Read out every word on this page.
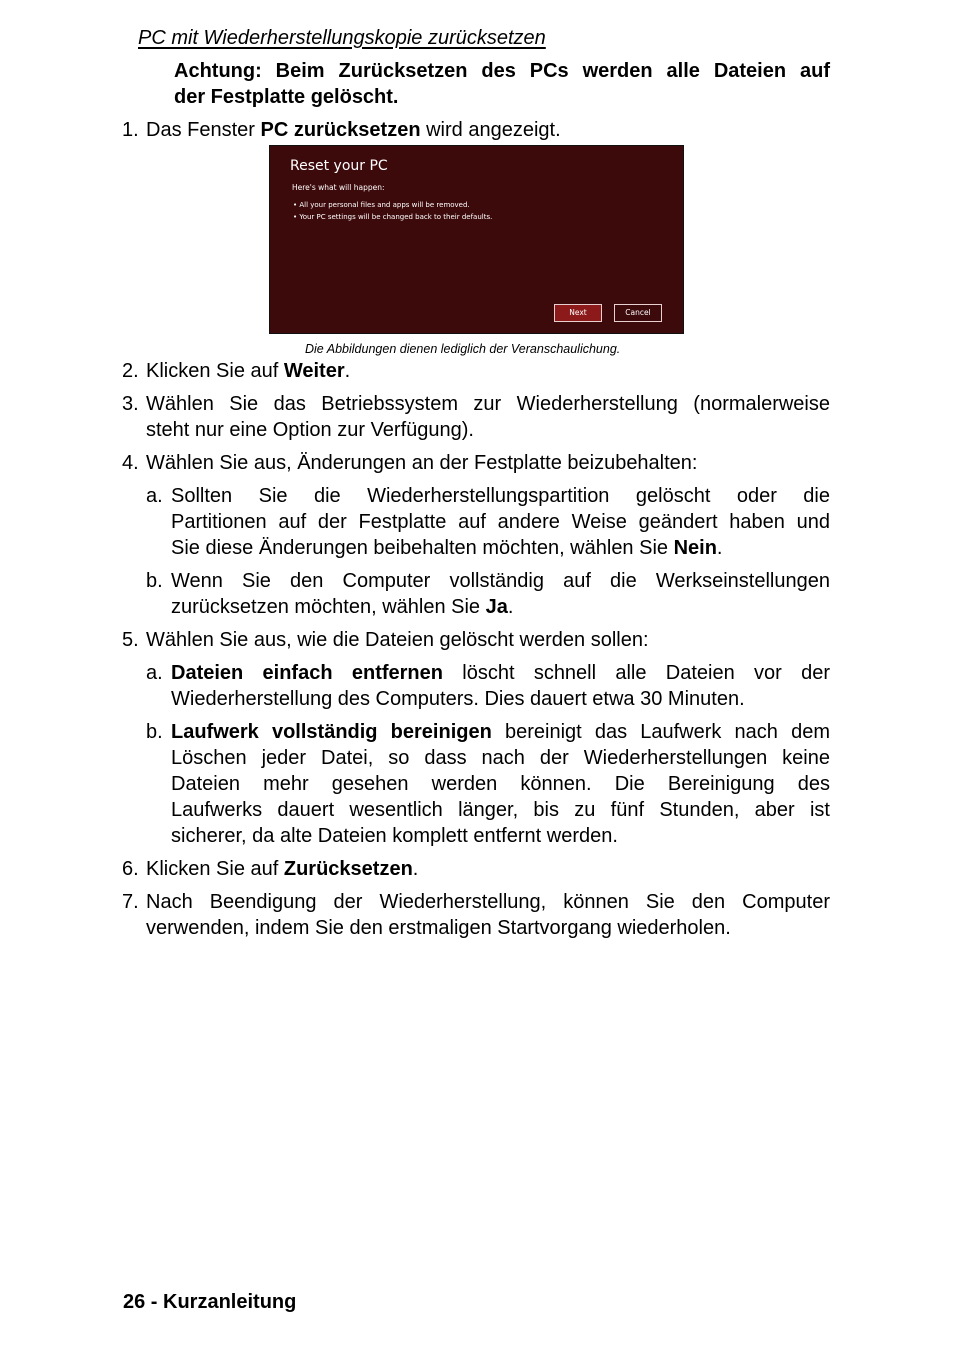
PC mit Wiederherstellungskopie zurücksetzen
Achtung: Beim Zurücksetzen des PCs werden alle Dateien auf
der Festplatte gelöscht.
1. Das Fenster PC zurücksetzen wird angezeigt.
Reset your PC
Here's what will happen:
• All your personal files and apps will be removed.
• Your PC settings will be changed back to their defaults.
Next	Cancel
Die Abbildungen dienen lediglich der Veranschaulichung.
2. Klicken Sie auf Weiter.
3. Wählen Sie das Betriebssystem zur Wiederherstellung (normalerweise
steht nur eine Option zur Verfügung).
4. Wählen Sie aus, Änderungen an der Festplatte beizubehalten:
a. Sollten Sie die Wiederherstellungspartition gelöscht oder die
Partitionen auf der Festplatte auf andere Weise geändert haben und
Sie diese Änderungen beibehalten möchten, wählen Sie Nein.
b. Wenn Sie den Computer vollständig auf die Werkseinstellungen
zurücksetzen möchten, wählen Sie Ja.
5. Wählen Sie aus, wie die Dateien gelöscht werden sollen:
a. Dateien einfach entfernen löscht schnell alle Dateien vor der
Wiederherstellung des Computers. Dies dauert etwa 30 Minuten.
b. Laufwerk vollständig bereinigen bereinigt das Laufwerk nach dem
Löschen jeder Datei, so dass nach der Wiederherstellungen keine
Dateien mehr gesehen werden können. Die Bereinigung des
Laufwerks dauert wesentlich länger, bis zu fünf Stunden, aber ist
sicherer, da alte Dateien komplett entfernt werden.
6. Klicken Sie auf Zurücksetzen.
7. Nach Beendigung der Wiederherstellung, können Sie den Computer
verwenden, indem Sie den erstmaligen Startvorgang wiederholen.
26 - Kurzanleitung
